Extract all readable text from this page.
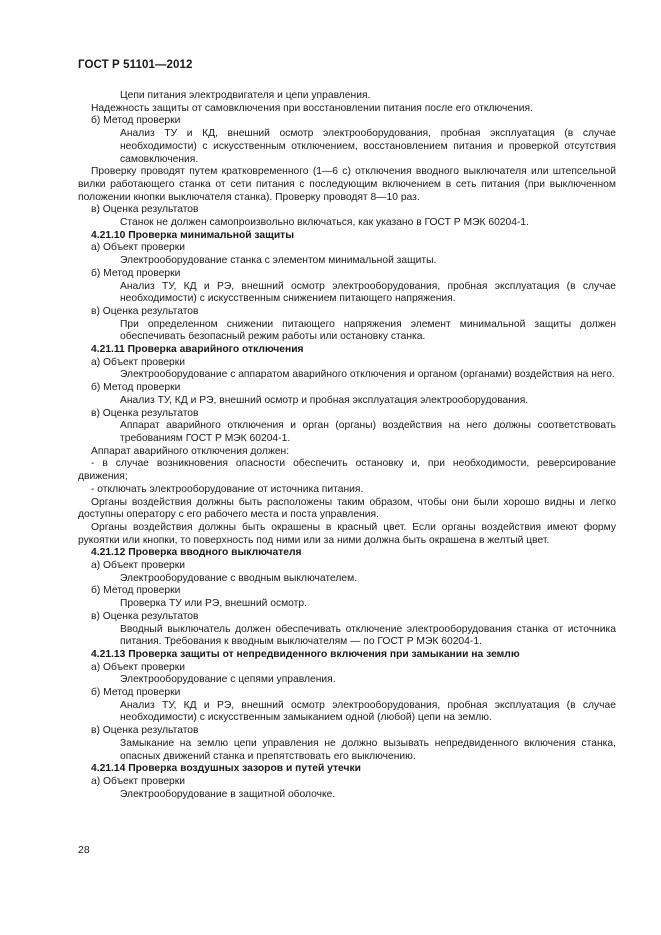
ГОСТ Р 51101—2012

Цепи питания электродвигателя и цепи управления.

Надежность защиты от самовключения при восстановлении питания после его отключения.

б) Метод проверки

Анализ ТУ и КД, внешний осмотр электрооборудования, пробная эксплуатация (в случае необходимости) с искусственным отключением, восстановлением питания и проверкой отсутствия самовключения.

Проверку проводят путем кратковременного (1—6 с) отключения вводного выключателя или штепсельной вилки работающего станка от сети питания с последующим включением в сеть питания (при выключенном положении кнопки выключателя станка). Проверку проводят 8—10 раз.

в) Оценка результатов

Станок не должен самопроизвольно включаться, как указано в ГОСТ Р МЭК 60204-1.

4.21.10 Проверка минимальной защиты

а) Объект проверки

Электрооборудование станка с элементом минимальной защиты.

б) Метод проверки

Анализ ТУ, КД и РЭ, внешний осмотр электрооборудования, пробная эксплуатация (в случае необходимости) с искусственным снижением питающего напряжения.

в) Оценка результатов

При определенном снижении питающего напряжения элемент минимальной защиты должен обеспечивать безопасный режим работы или остановку станка.

4.21.11 Проверка аварийного отключения

а) Объект проверки

Электрооборудование с аппаратом аварийного отключения и органом (органами) воздействия на него.

б) Метод проверки

Анализ ТУ, КД и РЭ, внешний осмотр и пробная эксплуатация электрооборудования.

в) Оценка результатов

Аппарат аварийного отключения и орган (органы) воздействия на него должны соответствовать требованиям ГОСТ Р МЭК 60204-1.

Аппарат аварийного отключения должен:

- в случае возникновения опасности обеспечить остановку и, при необходимости, реверсирование движения;

- отключать электрооборудование от источника питания.

Органы воздействия должны быть расположены таким образом, чтобы они были хорошо видны и легко доступны оператору с его рабочего места и поста управления.

Органы воздействия должны быть окрашены в красный цвет. Если органы воздействия имеют форму рукоятки или кнопки, то поверхность под ними или за ними должна быть окрашена в желтый цвет.

4.21.12 Проверка вводного выключателя

а) Объект проверки

Электрооборудование с вводным выключателем.

б) Метод проверки

Проверка ТУ или РЭ, внешний осмотр.

в) Оценка результатов

Вводный выключатель должен обеспечивать отключение электрооборудования станка от источника питания. Требования к вводным выключателям — по ГОСТ Р МЭК 60204-1.

4.21.13 Проверка защиты от непредвиденного включения при замыкании на землю

а) Объект проверки

Электрооборудование с цепями управления.

б) Метод проверки

Анализ ТУ, КД и РЭ, внешний осмотр электрооборудования, пробная эксплуатация (в случае необходимости) с искусственным замыканием одной (любой) цепи на землю.

в) Оценка результатов

Замыкание на землю цепи управления не должно вызывать непредвиденного включения станка, опасных движений станка и препятствовать его выключению.

4.21.14 Проверка воздушных зазоров и путей утечки

а) Объект проверки

Электрооборудование в защитной оболочке.

28
